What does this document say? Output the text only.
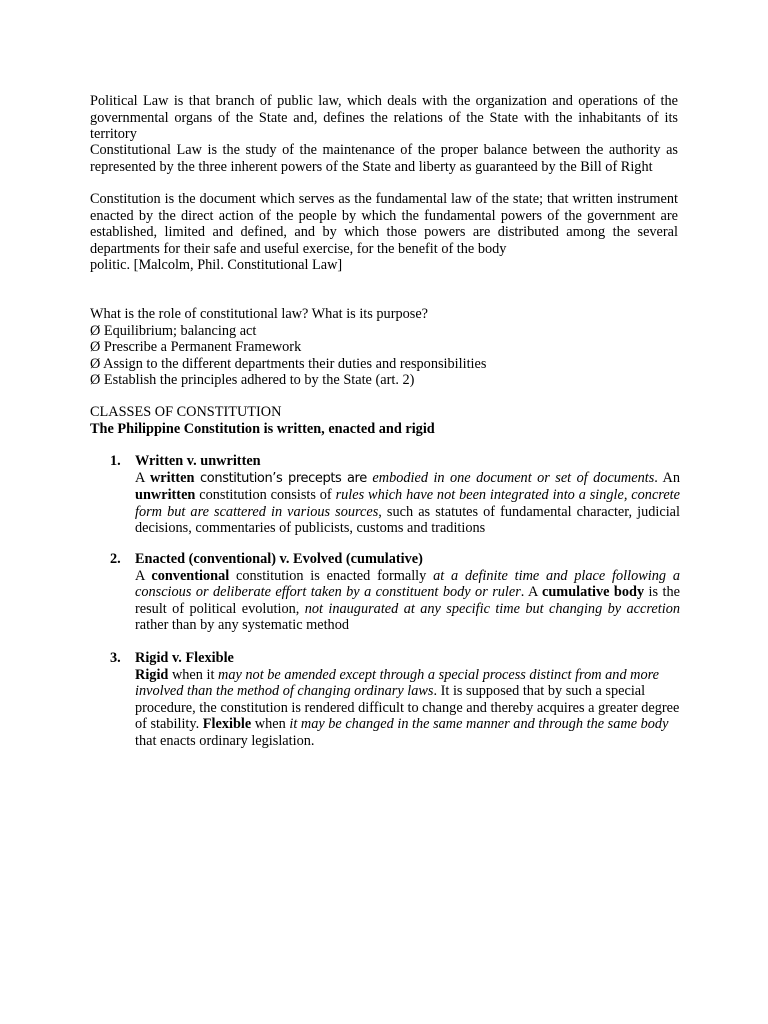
Political Law is that branch of public law, which deals with the organization and operations of the governmental organs of the State and, defines the relations of the State with the inhabitants of its territory

Constitutional Law is the study of the maintenance of the proper balance between the authority as represented by the three inherent powers of the State and liberty as guaranteed by the Bill of Right

Constitution is the document which serves as the fundamental law of the state; that written instrument enacted by the direct action of the people by which the fundamental powers of the government are established, limited and defined, and by which those powers are distributed among the several departments for their safe and useful exercise, for the benefit of the body

politic. [Malcolm, Phil. Constitutional Law]

What is the role of constitutional law? What is its purpose?

Ø Equilibrium; balancing act

Ø Prescribe a Permanent Framework

Ø Assign to the different departments their duties and responsibilities

Ø Establish the principles adhered to by the State (art. 2)

CLASSES OF CONSTITUTION

The Philippine Constitution is written, enacted and rigid

1. Written v. unwritten

A written constitution’s precepts are embodied in one document or set of documents. An unwritten constitution consists of rules which have not been integrated into a single, concrete form but are scattered in various sources, such as statutes of fundamental character, judicial decisions, commentaries of publicists, customs and traditions

2. Enacted (conventional) v. Evolved (cumulative)

A conventional constitution is enacted formally at a definite time and place following a conscious or deliberate effort taken by a constituent body or ruler. A cumulative body is the result of political evolution, not inaugurated at any specific time but changing by accretion rather than by any systematic method

3. Rigid v. Flexible

Rigid when it may not be amended except through a special process distinct from and more involved than the method of changing ordinary laws. It is supposed that by such a special procedure, the constitution is rendered difficult to change and thereby acquires a greater degree of stability. Flexible when it may be changed in the same manner and through the same body that enacts ordinary legislation.
